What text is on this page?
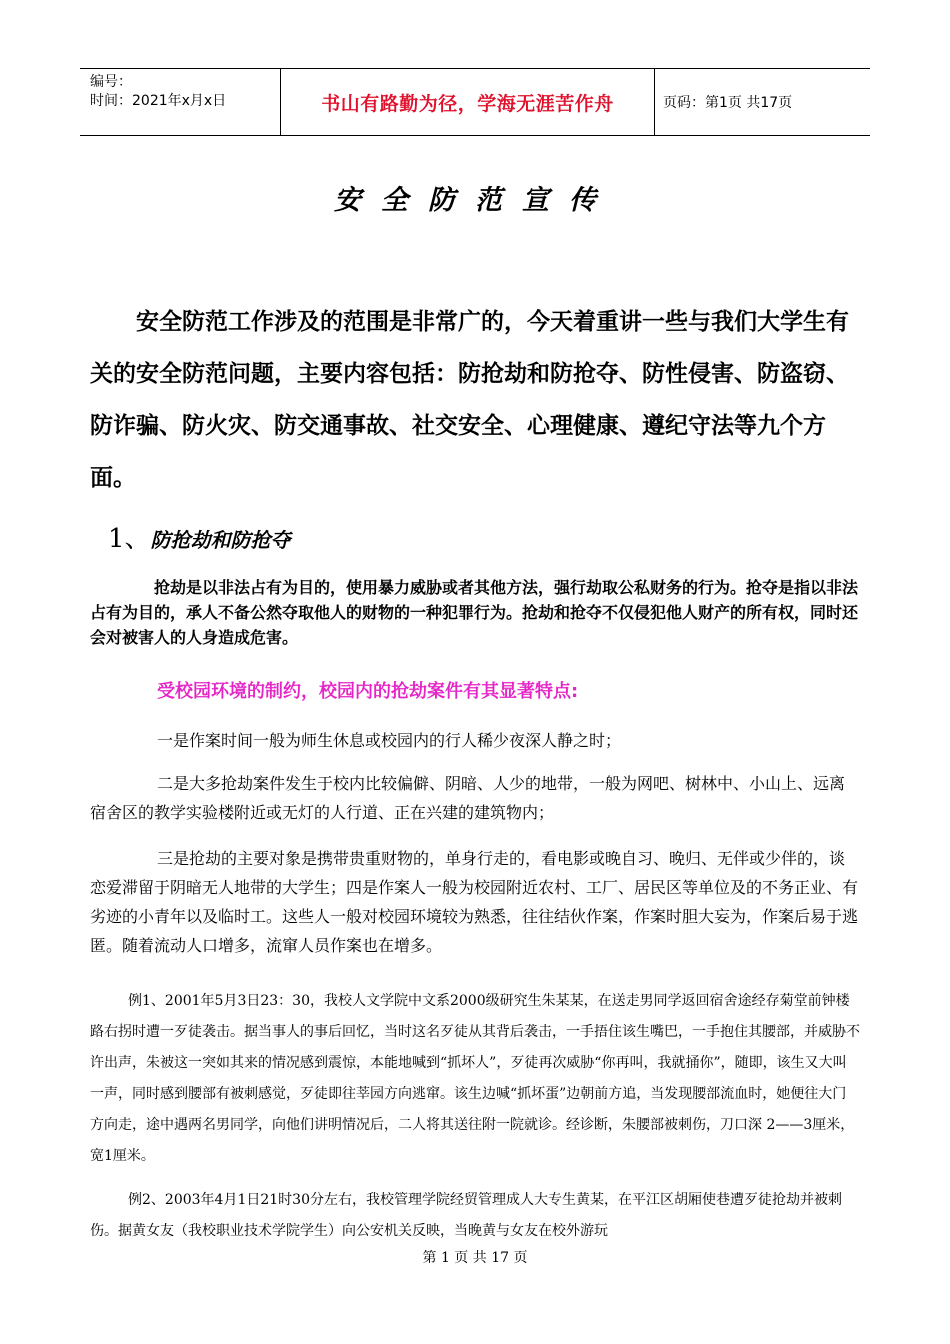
编号：
时间：2021年x月x日	书山有路勤为径，学海无涯苦作舟	页码：第1页 共17页
安全防范宣传

安全防范工作涉及的范围是非常广的，今天着重讲一些与我们大学生有关的安全防范问题，主要内容包括：防抢劫和防抢夺、防性侵害、防盗窃、防诈骗、防火灾、防交通事故、社交安全、心理健康、遵纪守法等九个方面。

1、 防抢劫和防抢夺

抢劫是以非法占有为目的，使用暴力威胁或者其他方法，强行劫取公私财务的行为。抢夺是指以非法占有为目的，承人不备公然夺取他人的财物的一种犯罪行为。抢劫和抢夺不仅侵犯他人财产的所有权，同时还会对被害人的人身造成危害。

受校园环境的制约，校园内的抢劫案件有其显著特点:

一是作案时间一般为师生休息或校园内的行人稀少夜深人静之时；

二是大多抢劫案件发生于校内比较偏僻、阴暗、人少的地带，一般为网吧、树林中、小山上、远离宿舍区的教学实验楼附近或无灯的人行道、正在兴建的建筑物内；

三是抢劫的主要对象是携带贵重财物的，单身行走的，看电影或晚自习、晚归、无伴或少伴的，谈恋爱滞留于阴暗无人地带的大学生；四是作案人一般为校园附近农村、工厂、居民区等单位及的不务正业、有劣迹的小青年以及临时工。这些人一般对校园环境较为熟悉，往往结伙作案，作案时胆大妄为，作案后易于逃匿。随着流动人口增多，流窜人员作案也在增多。

例1、2001年5月3日23：30，我校人文学院中文系2000级研究生朱某某，在送走男同学返回宿舍途经存菊堂前钟楼路右拐时遭一歹徒袭击。据当事人的事后回忆，当时这名歹徒从其背后袭击，一手捂住该生嘴巴，一手抱住其腰部，并威胁不许出声，朱被这一突如其来的情况感到震惊，本能地喊到“抓坏人”，歹徒再次威胁“你再叫，我就捅你”，随即，该生又大叫一声，同时感到腰部有被刺感觉，歹徒即往莘园方向逃窜。该生边喊“抓坏蛋”边朝前方追，当发现腰部流血时，她便往大门方向走，途中遇两名男同学，向他们讲明情况后，二人将其送往附一院就诊。经诊断，朱腰部被刺伤，刀口深 2——3厘米，宽1厘米。

例2、2003年4月1日21时30分左右，我校管理学院经贸管理成人大专生黄某，在平江区胡厢使巷遭歹徒抢劫并被刺伤。据黄女友（我校职业技术学院学生）向公安机关反映，当晚黄与女友在校外游玩

第 1 页 共 17 页
